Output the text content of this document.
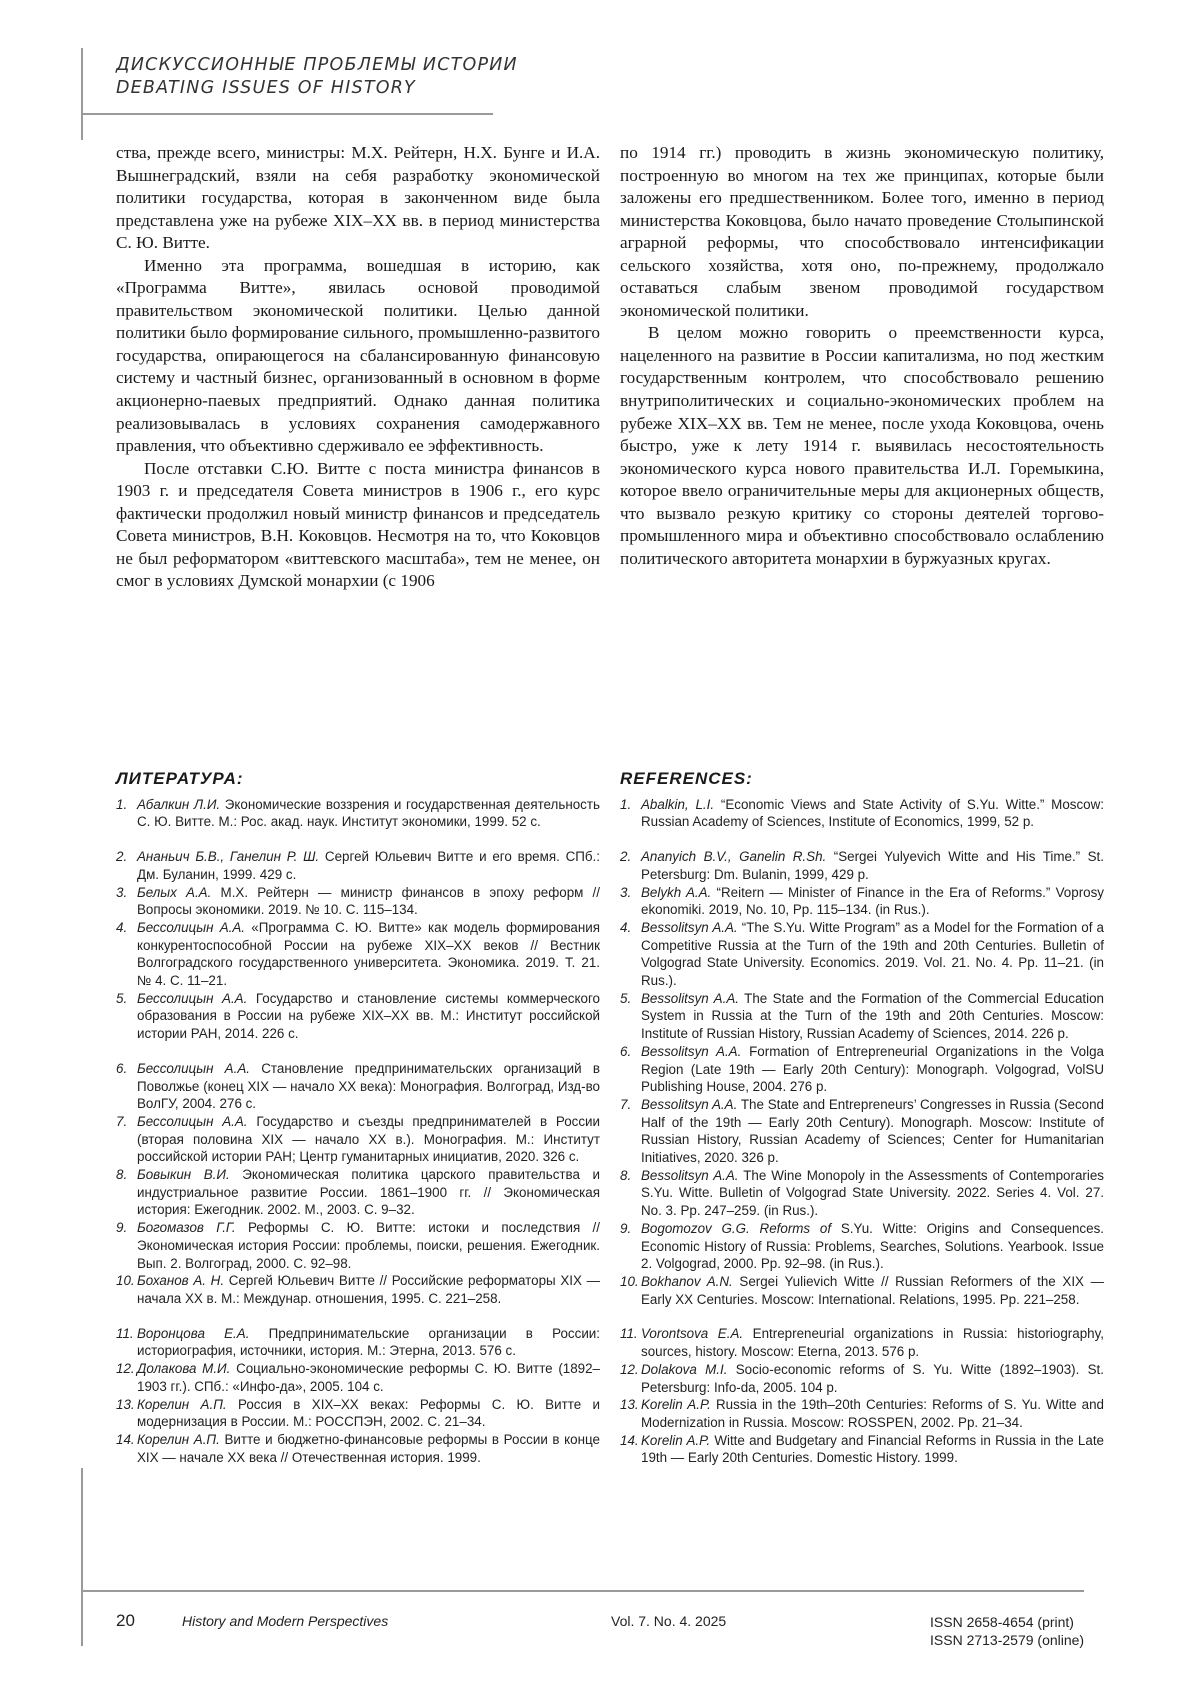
ДИСКУССИОННЫЕ ПРОБЛЕМЫ ИСТОРИИ
DEBATING ISSUES OF HISTORY

ства, прежде всего, министры: М.Х. Рейтерн, Н.Х. Бунге и И.А. Вышнеградский, взяли на себя разработку экономической политики государства, которая в законченном виде была представлена уже на рубеже XIX–XX вв. в период министерства С. Ю. Витте.

Именно эта программа, вошедшая в историю, как «Программа Витте», явилась основой проводимой правительством экономической политики. Целью данной политики было формирование сильного, промышленно-развитого государства, опирающегося на сбалансированную финансовую систему и частный бизнес, организованный в основном в форме акционерно-паевых предприятий. Однако данная политика реализовывалась в условиях сохранения самодержавного правления, что объективно сдерживало ее эффективность.

После отставки С.Ю. Витте с поста министра финансов в 1903 г. и председателя Совета министров в 1906 г., его курс фактически продолжил новый министр финансов и председатель Совета министров, В.Н. Коковцов. Несмотря на то, что Коковцов не был реформатором «виттевского масштаба», тем не менее, он смог в условиях Думской монархии (с 1906

по 1914 гг.) проводить в жизнь экономическую политику, построенную во многом на тех же принципах, которые были заложены его предшественником. Более того, именно в период министерства Коковцова, было начато проведение Столыпинской аграрной реформы, что способствовало интенсификации сельского хозяйства, хотя оно, по-прежнему, продолжало оставаться слабым звеном проводимой государством экономической политики.

В целом можно говорить о преемственности курса, нацеленного на развитие в России капитализма, но под жестким государственным контролем, что способствовало решению внутриполитических и социально-экономических проблем на рубеже XIX–XX вв. Тем не менее, после ухода Коковцова, очень быстро, уже к лету 1914 г. выявилась несостоятельность экономического курса нового правительства И.Л. Горемыкина, которое ввело ограничительные меры для акционерных обществ, что вызвало резкую критику со стороны деятелей торгово-промышленного мира и объективно способствовало ослаблению политического авторитета монархии в буржуазных кругах.

ЛИТЕРАТУРА:
1. Абалкин Л.И. Экономические воззрения и государственная деятельность С. Ю. Витте. М.: Рос. акад. наук. Институт экономики, 1999. 52 с.
2. Ананьич Б.В., Ганелин Р. Ш. Сергей Юльевич Витте и его время. СПб.: Дм. Буланин, 1999. 429 с.
3. Белых А.А. М.Х. Рейтерн — министр финансов в эпоху реформ // Вопросы экономики. 2019. № 10. С. 115–134.
4. Бессолицын А.А. «Программа С. Ю. Витте» как модель формирования конкурентоспособной России на рубеже XIX–XX веков // Вестник Волгоградского государственного университета. Экономика. 2019. Т. 21. № 4. С. 11–21.
5. Бессолицын А.А. Государство и становление системы коммерческого образования в России на рубеже XIX–XX вв. М.: Институт российской истории РАН, 2014. 226 с.
6. Бессолицын А.А. Становление предпринимательских организаций в Поволжье (конец XIX — начало XX века): Монография. Волгоград, Изд-во ВолГУ, 2004. 276 с.
7. Бессолицын А.А. Государство и съезды предпринимателей в России (вторая половина XIX — начало XX в.). Монография. М.: Институт российской истории РАН; Центр гуманитарных инициатив, 2020. 326 с.
8. Бовыкин В.И. Экономическая политика царского правительства и индустриальное развитие России. 1861–1900 гг. // Экономическая история: Ежегодник. 2002. М., 2003. С. 9–32.
9. Богомазов Г.Г. Реформы С. Ю. Витте: истоки и последствия // Экономическая история России: проблемы, поиски, решения. Ежегодник. Вып. 2. Волгоград, 2000. С. 92–98.
10. Боханов А. Н. Сергей Юльевич Витте // Российские реформаторы XIX — начала XX в. М.: Междунар. отношения, 1995. С. 221–258.
11. Воронцова Е.А. Предпринимательские организации в России: историография, источники, история. М.: Этерна, 2013. 576 с.
12. Долакова М.И. Социально-экономические реформы С. Ю. Витте (1892–1903 гг.). СПб.: «Инфо-да», 2005. 104 с.
13. Корелин А.П. Россия в XIX–XX веках: Реформы С. Ю. Витте и модернизация в России. М.: РОССПЭН, 2002. С. 21–34.
14. Корелин А.П. Витте и бюджетно-финансовые реформы в России в конце XIX — начале XX века // Отечественная история. 1999.
REFERENCES:
1. Abalkin, L.I. “Economic Views and State Activity of S.Yu. Witte.” Moscow: Russian Academy of Sciences, Institute of Economics, 1999, 52 p.
2. Ananyich B.V., Ganelin R.Sh. “Sergei Yulyevich Witte and His Time.” St. Petersburg: Dm. Bulanin, 1999, 429 p.
3. Belykh A.A. “Reitern — Minister of Finance in the Era of Reforms.” Voprosy ekonomiki. 2019, No. 10, Pp. 115–134. (in Rus.).
4. Bessolitsyn A.A. “The S.Yu. Witte Program” as a Model for the Formation of a Competitive Russia at the Turn of the 19th and 20th Centuries. Bulletin of Volgograd State University. Economics. 2019. Vol. 21. No. 4. Pp. 11–21. (in Rus.).
5. Bessolitsyn A.A. The State and the Formation of the Commercial Education System in Russia at the Turn of the 19th and 20th Centuries. Moscow: Institute of Russian History, Russian Academy of Sciences, 2014. 226 p.
6. Bessolitsyn A.A. Formation of Entrepreneurial Organizations in the Volga Region (Late 19th — Early 20th Century): Monograph. Volgograd, VolSU Publishing House, 2004. 276 p.
7. Bessolitsyn A.A. The State and Entrepreneurs’ Congresses in Russia (Second Half of the 19th — Early 20th Century). Monograph. Moscow: Institute of Russian History, Russian Academy of Sciences; Center for Humanitarian Initiatives, 2020. 326 p.
8. Bessolitsyn A.A. The Wine Monopoly in the Assessments of Contemporaries S.Yu. Witte. Bulletin of Volgograd State University. 2022. Series 4. Vol. 27. No. 3. Pp. 247–259. (in Rus.).
9. Bogomozov G.G. Reforms of S.Yu. Witte: Origins and Consequences. Economic History of Russia: Problems, Searches, Solutions. Yearbook. Issue 2. Volgograd, 2000. Pp. 92–98. (in Rus.).
10. Bokhanov A.N. Sergei Yulievich Witte // Russian Reformers of the XIX — Early XX Centuries. Moscow: International. Relations, 1995. Pp. 221–258.
11. Vorontsova E.A. Entrepreneurial organizations in Russia: historiography, sources, history. Moscow: Eterna, 2013. 576 p.
12. Dolakova M.I. Socio-economic reforms of S. Yu. Witte (1892–1903). St. Petersburg: Info-da, 2005. 104 p.
13. Korelin A.P. Russia in the 19th–20th Centuries: Reforms of S. Yu. Witte and Modernization in Russia. Moscow: ROSSPEN, 2002. Pp. 21–34.
14. Korelin A.P. Witte and Budgetary and Financial Reforms in Russia in the Late 19th — Early 20th Centuries. Domestic History. 1999.
20	History and Modern Perspectives	Vol. 7. No. 4. 2025	ISSN 2658-4654 (print)
ISSN 2713-2579 (online)
